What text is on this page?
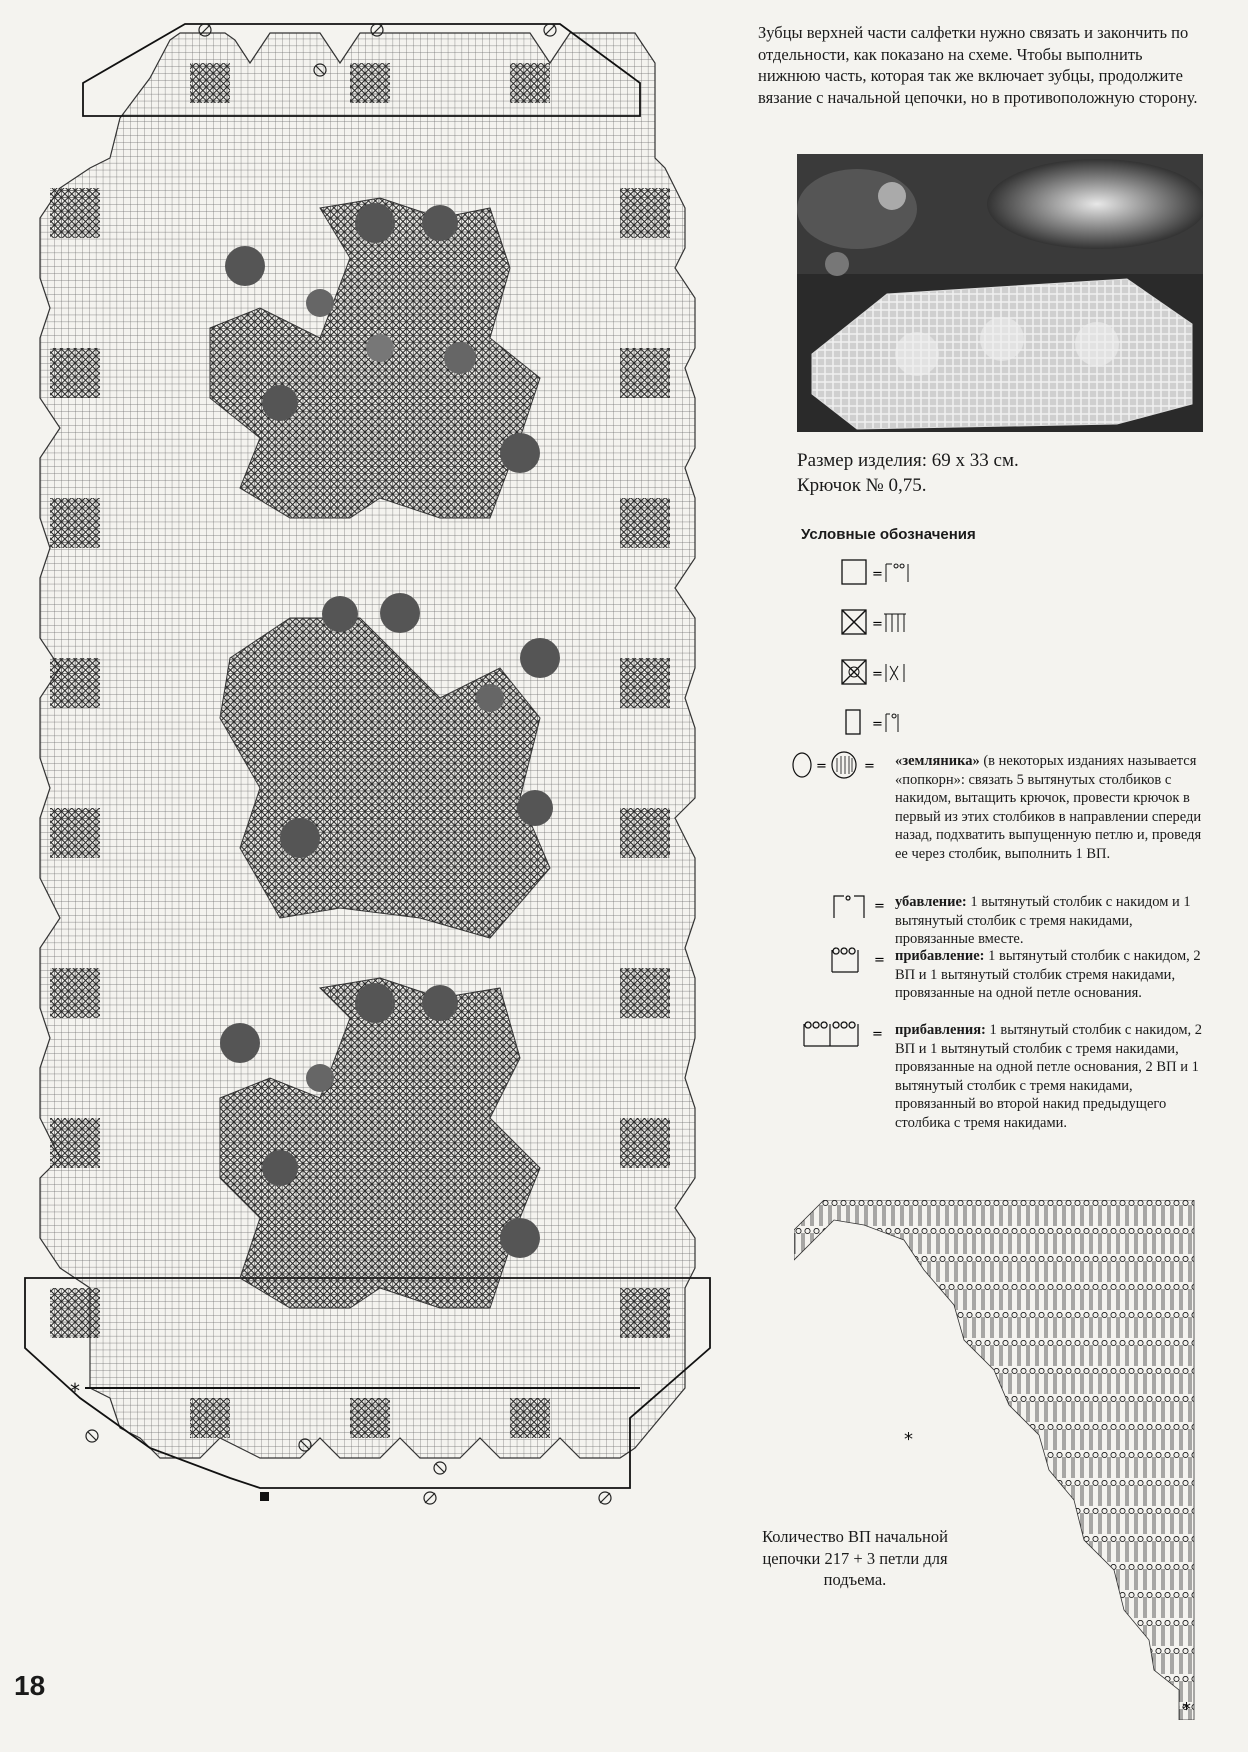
*
Зубцы верхней части салфетки нужно связать и закончить по отдельности, как показано на схеме. Чтобы выполнить нижнюю часть, которая так же включает зубцы, продолжите вязание с начальной цепочки, но в противоположную сторону.
Размер изделия: 69 х 33 см.
Крючок № 0,75.
Условные обозначения
=
=
=
=
=	= «земляника» (в некоторых изданиях называется «попкорн»: связать 5 вытянутых столбиков с накидом, вытащить крючок, провести крючок в первый из этих столбиков в направлении спереди назад, подхватить выпущенную петлю и, проведя ее через столбик, выполнить 1 ВП.
= убавление: 1 вытянутый столбик с накидом и 1 вытянутый столбик с тремя накидами, провязанные вместе.
= прибавление: 1 вытянутый столбик с накидом, 2 ВП и 1 вытянутый столбик стремя накидами, провязанные на одной петле основания.
= прибавления: 1 вытянутый столбик с накидом, 2 ВП и 1 вытянутый столбик с тремя накидами, провязанные на одной петле основания, 2 ВП и 1 вытянутый столбик с тремя накидами, провязанный во второй накид предыдущего столбика с тремя накидами.
*
*
Количество ВП начальной цепочки 217 + 3 петли для подъема.
18
